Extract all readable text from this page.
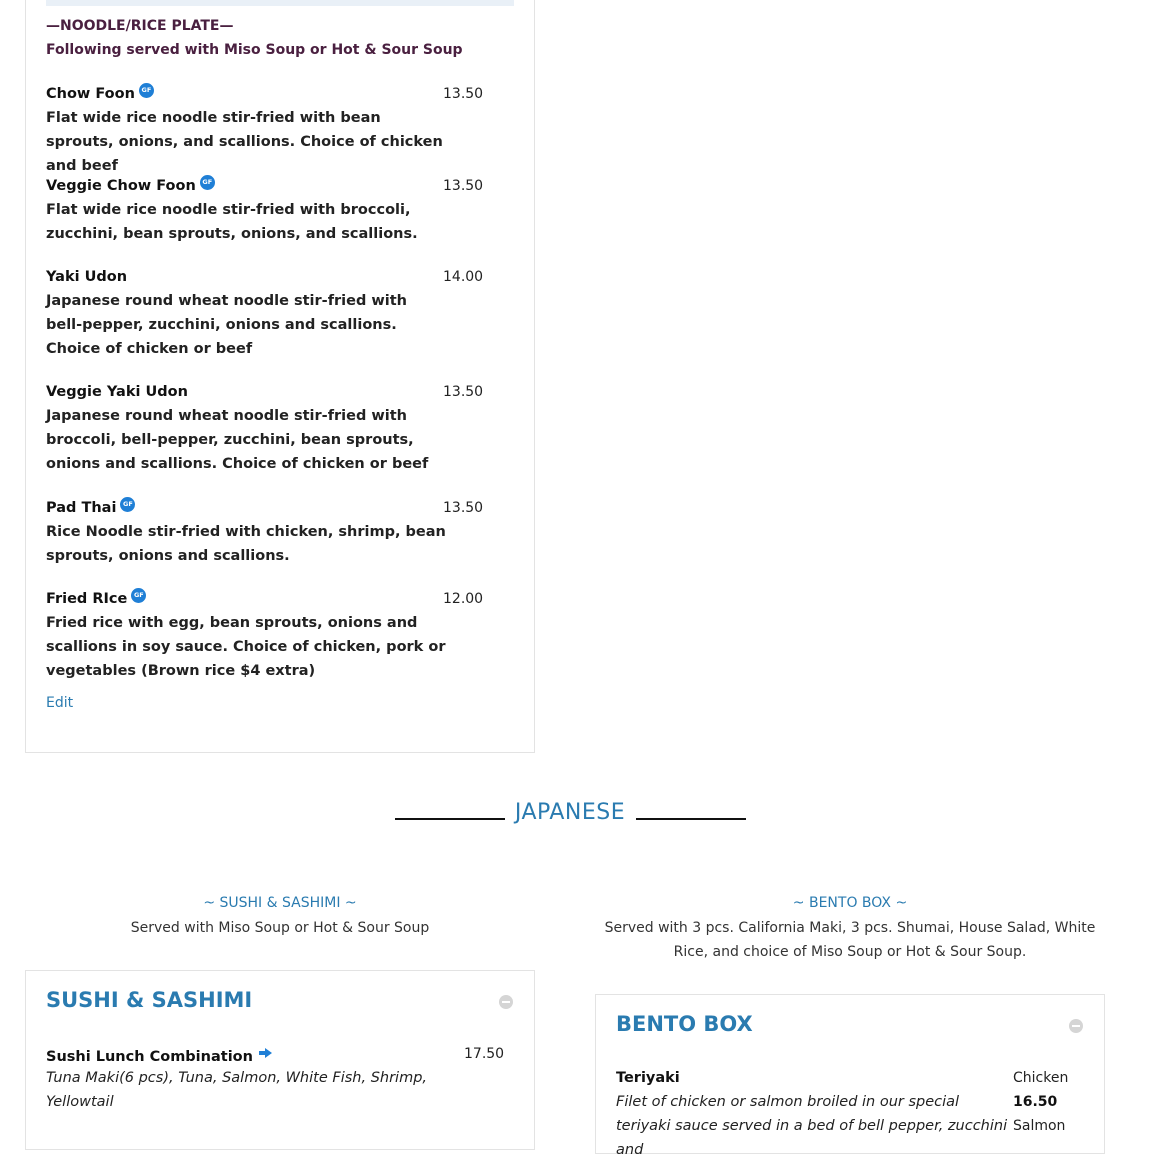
—NOODLE/RICE PLATE—
Following served with Miso Soup or Hot & Sour Soup
Chow Foon GF
Flat wide rice noodle stir-fried with bean sprouts, onions, and scallions. Choice of chicken and beef
13.50
Veggie Chow Foon GF
Flat wide rice noodle stir-fried with broccoli, zucchini, bean sprouts, onions, and scallions.
13.50
Yaki Udon
Japanese round wheat noodle stir-fried with bell-pepper, zucchini, onions and scallions. Choice of chicken or beef
14.00
Veggie Yaki Udon
Japanese round wheat noodle stir-fried with broccoli, bell-pepper, zucchini, bean sprouts, onions and scallions. Choice of chicken or beef
13.50
Pad Thai GF
Rice Noodle stir-fried with chicken, shrimp, bean sprouts, onions and scallions.
13.50
Fried RIce GF
Fried rice with egg, bean sprouts, onions and scallions in soy sauce. Choice of chicken, pork or vegetables (Brown rice $4 extra)
12.00
Edit
JAPANESE
~ SUSHI & SASHIMI ~
Served with Miso Soup or Hot & Sour Soup
~ BENTO BOX ~
Served with 3 pcs. California Maki, 3 pcs. Shumai, House Salad, White Rice, and choice of Miso Soup or Hot & Sour Soup.
SUSHI & SASHIMI
Sushi Lunch Combination
Tuna Maki(6 pcs), Tuna, Salmon, White Fish, Shrimp, Yellowtail
17.50
BENTO BOX
Teriyaki
Filet of chicken or salmon broiled in our special teriyaki sauce served in a bed of bell pepper, zucchini and
Chicken
16.50
Salmon
